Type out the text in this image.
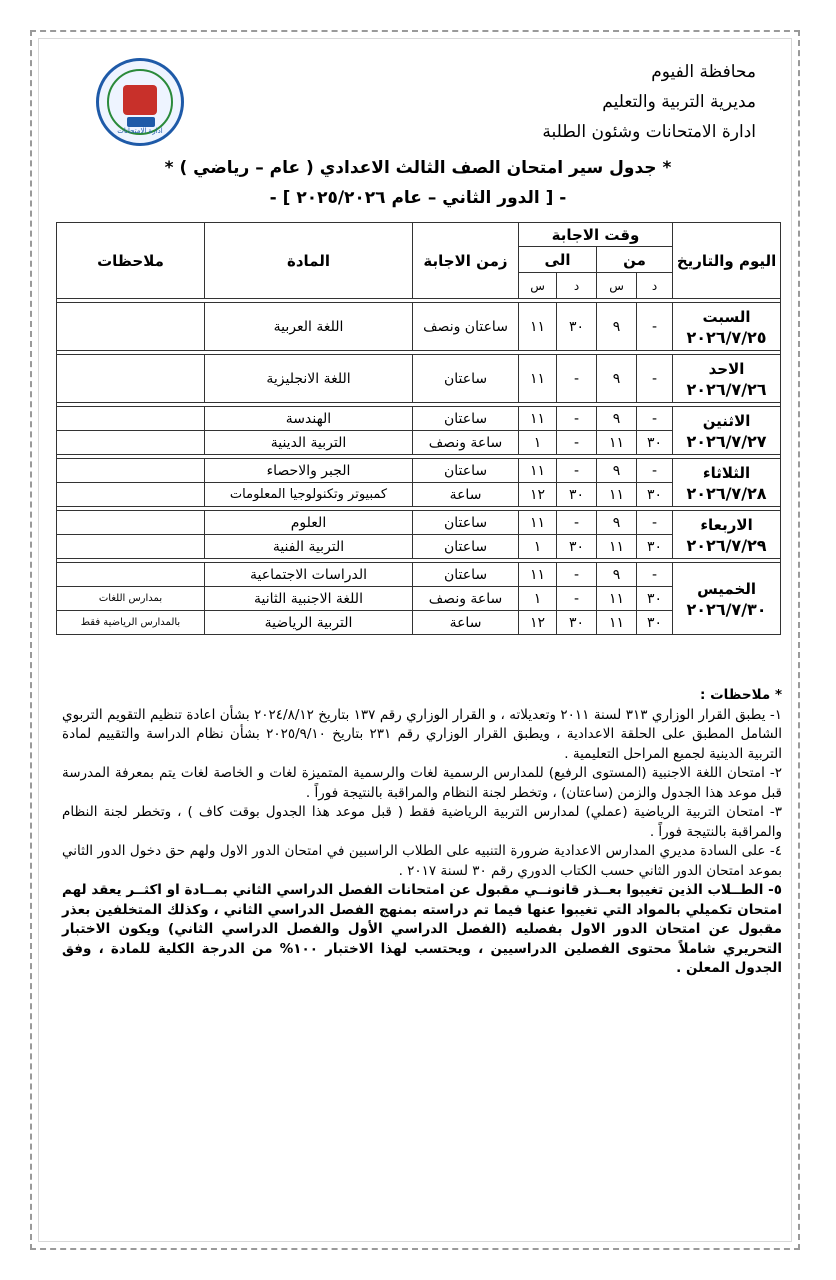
ادارة الامتحانات
محافظة الفيوم
مديرية التربية والتعليم
ادارة الامتحانات وشئون الطلبة
* جدول سير امتحان الصف الثالث الاعدادي ( عام – رياضي ) *
- [ الدور الثاني – عام ٢٠٢٥/٢٠٢٦ ] -
اليوم والتاريخ	وقت الاجابة				زمن الاجابة	المادة	ملاحظات
	من		الى				
	د	س	د	س			

السبت
٢٠٢٦/٧/٢٥	-	٩	٣٠	١١	ساعتان ونصف	اللغة العربية	

الاحد
٢٠٢٦/٧/٢٦	-	٩	-	١١	ساعتان	اللغة الانجليزية	

الاثنين
٢٠٢٦/٧/٢٧	-	٩	-	١١	ساعتان	الهندسة	
	٣٠	١١	-	١	ساعة ونصف	التربية الدينية	

الثلاثاء
٢٠٢٦/٧/٢٨	-	٩	-	١١	ساعتان	الجبر والاحصاء	
	٣٠	١١	٣٠	١٢	ساعة	كمبيوتر وتكنولوجيا المعلومات	

الاربعاء
٢٠٢٦/٧/٢٩	-	٩	-	١١	ساعتان	العلوم	
	٣٠	١١	٣٠	١	ساعتان	التربية الفنية	

الخميس
٢٠٢٦/٧/٣٠	-	٩	-	١١	ساعتان	الدراسات الاجتماعية	
	٣٠	١١	-	١	ساعة ونصف	اللغة الاجنبية الثانية	بمدارس اللغات
	٣٠	١١	٣٠	١٢	ساعة	التربية الرياضية	بالمدارس الرياضية فقط

* ملاحظات :

١- يطبق القرار الوزاري ٣١٣ لسنة ٢٠١١ وتعديلاته ، و القرار الوزاري رقم ١٣٧ بتاريخ ٢٠٢٤/٨/١٢ بشأن اعادة تنظيم التقويم التربوي الشامل المطبق على الحلقة الاعدادية ، ويطبق القرار الوزاري رقم ٢٣١ بتاريخ ٢٠٢٥/٩/١٠ بشأن نظام الدراسة والتقييم لمادة التربية الدينية لجميع المراحل التعليمية .

٢- امتحان اللغة الاجنبية (المستوى الرفيع) للمدارس الرسمية لغات والرسمية المتميزة لغات و الخاصة لغات يتم بمعرفة المدرسة قبل موعد هذا الجدول والزمن (ساعتان) ، وتخطر لجنة النظام والمراقبة بالنتيجة فوراً .

٣- امتحان التربية الرياضية (عملي) لمدارس التربية الرياضية فقط ( قبل موعد هذا الجدول بوقت كاف ) ، وتخطر لجنة النظام والمراقبة بالنتيجة فوراً .

٤- على السادة مديري المدارس الاعدادية ضرورة التنبيه على الطلاب الراسبين في امتحان الدور الاول ولهم حق دخول الدور الثاني بموعد امتحان الدور الثاني حسب الكتاب الدوري رقم ٣٠ لسنة ٢٠١٧ .

٥- الطــلاب الذين تغيبوا بعــذر قانونــي مقبول عن امتحانات الفصل الدراسي الثاني بمــادة او اكثــر يعقد لهم امتحان تكميلي بالمواد التي تغيبوا عنها فيما تم دراسته بمنهج الفصل الدراسي الثاني ، وكذلك المتخلفين بعذر مقبول عن امتحان الدور الاول بفصليه (الفصل الدراسي الأول والفصل الدراسي الثاني) ويكون الاختبار التحريري شاملاً محتوى الفصلين الدراسيين ، ويحتسب لهذا الاختبار ١٠٠% من الدرجة الكلية للمادة ، وفق الجدول المعلن .
